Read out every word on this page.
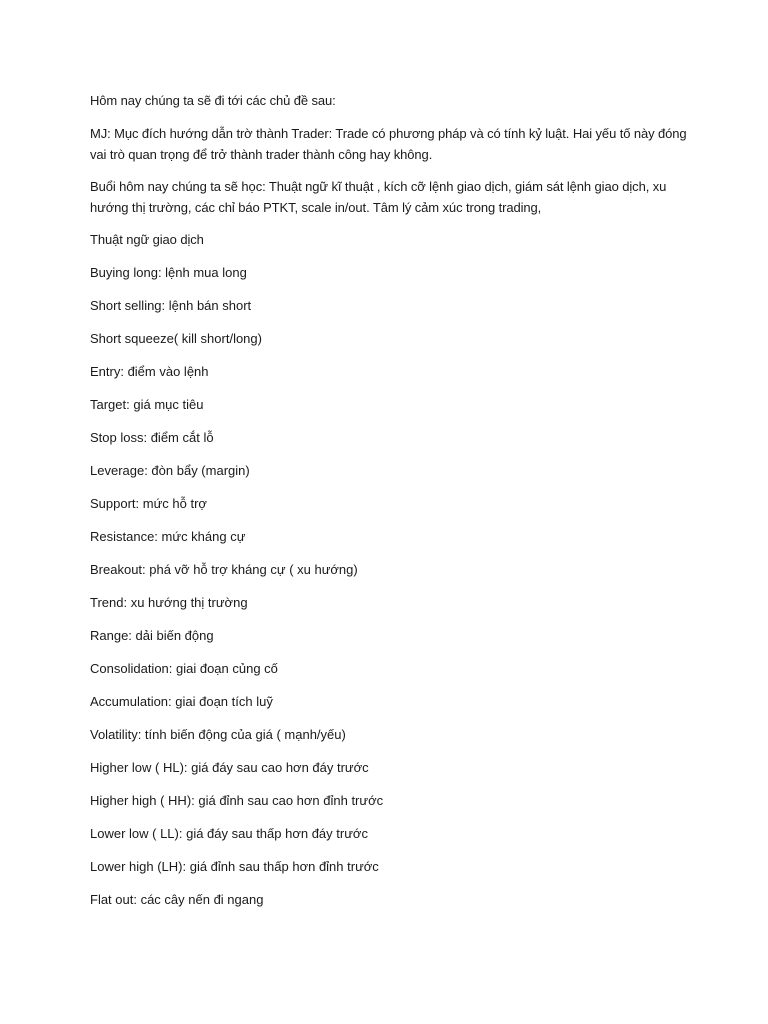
Hôm nay chúng ta sẽ đi tới các chủ đề sau:

MJ: Mục đích hướng dẫn trờ thành Trader: Trade có phương pháp và có tính kỷ luật. Hai yếu tố này đóng vai trò quan trọng để trở thành trader thành công hay không.

Buổi hôm nay chúng ta sẽ học: Thuật ngữ kĩ thuật , kích cỡ lệnh giao dịch, giám sát lệnh giao dịch, xu hướng thị trường, các chỉ báo PTKT, scale in/out. Tâm lý cảm xúc trong trading,

Thuật ngữ giao dịch

Buying long: lệnh mua long
Short selling: lệnh bán short
Short squeeze( kill short/long)
Entry: điểm vào lệnh
Target: giá mục tiêu
Stop loss: điểm cắt lỗ
Leverage: đòn bẩy (margin)
Support: mức hỗ trợ
Resistance: mức kháng cự
Breakout: phá vỡ hỗ trợ kháng cự ( xu hướng)
Trend: xu hướng thị trường
Range: dải biến động
Consolidation: giai đoạn củng cố
Accumulation: giai đoạn tích luỹ
Volatility: tính biến động của giá ( mạnh/yếu)
Higher low ( HL): giá đáy sau cao hơn đáy trước
Higher high ( HH): giá đỉnh sau cao hơn đỉnh trước
Lower low ( LL): giá đáy sau thấp hơn đáy trước
Lower high (LH): giá đỉnh sau thấp hơn đỉnh trước
Flat out: các cây nến đi ngang
